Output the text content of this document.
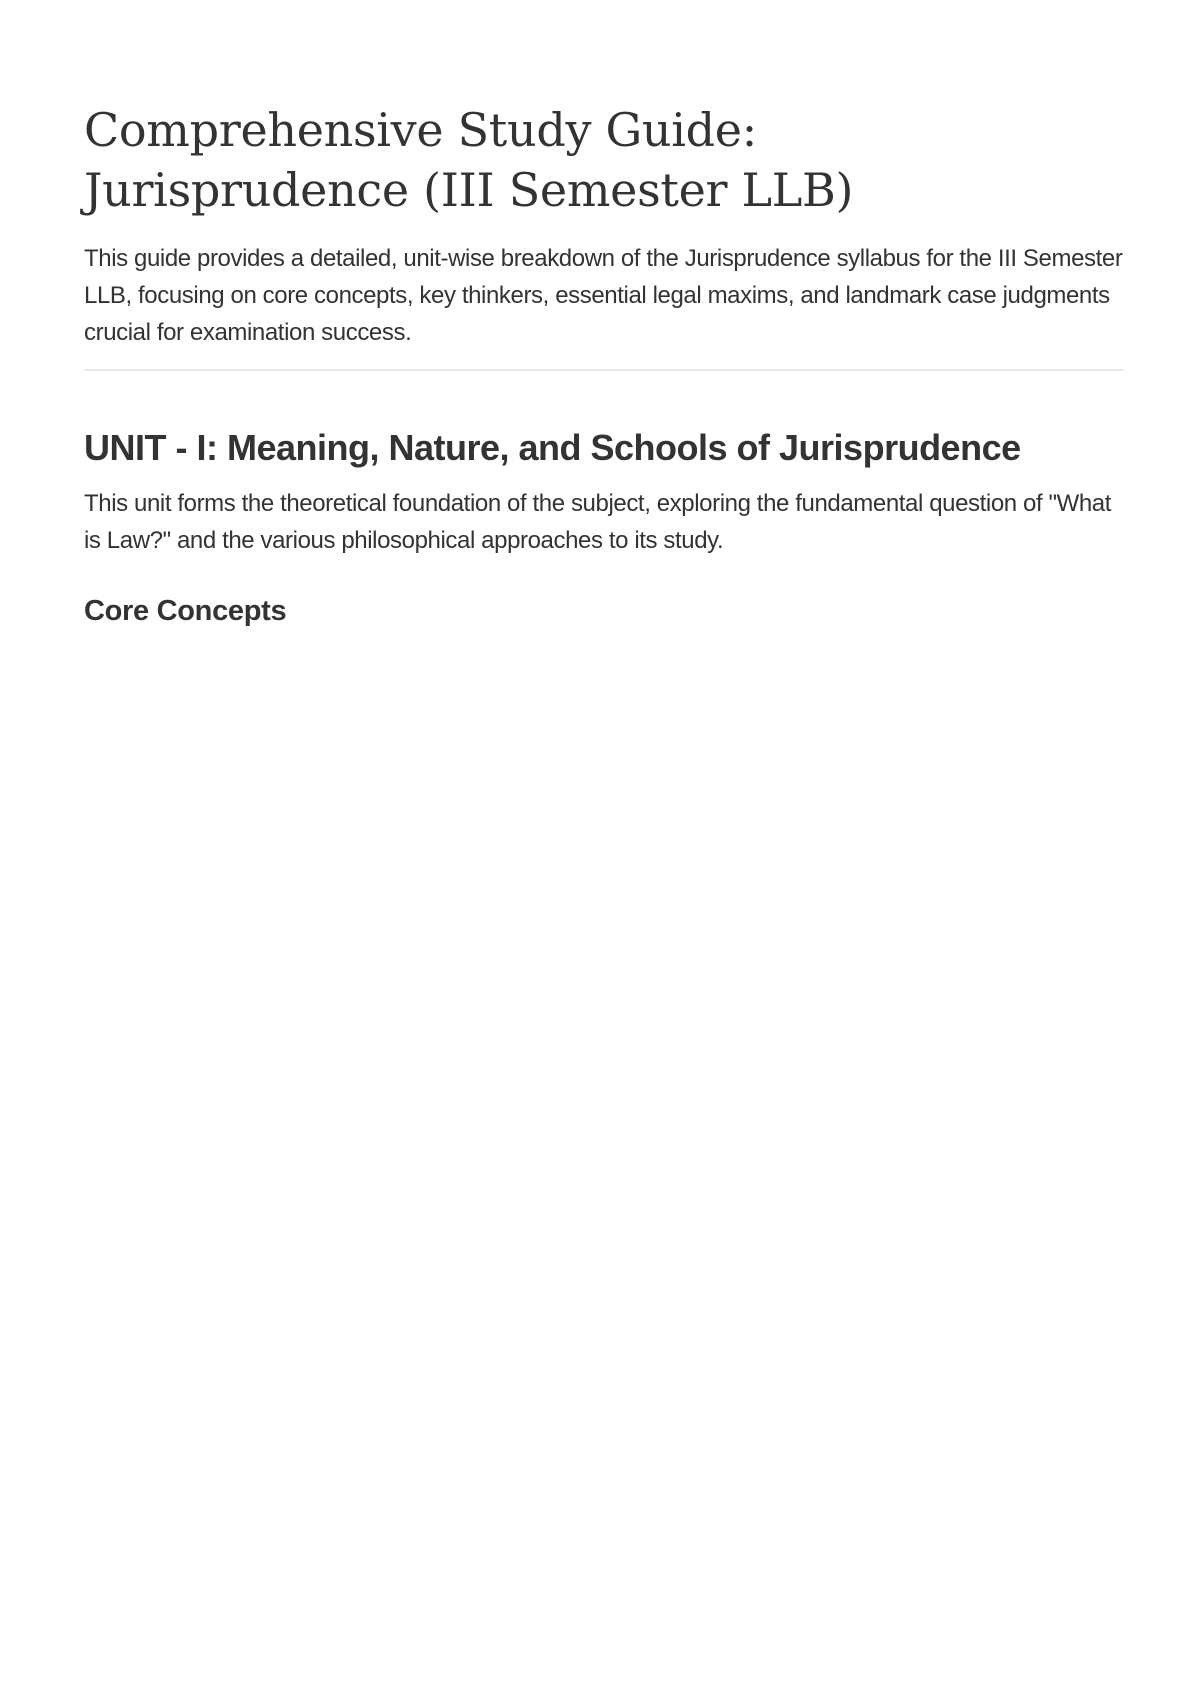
Comprehensive Study Guide:
Jurisprudence (III Semester LLB)

This guide provides a detailed, unit-wise breakdown of the Jurisprudence syllabus for the III Semester LLB, focusing on core concepts, key thinkers, essential legal maxims, and landmark case judgments crucial for examination success.

UNIT - I: Meaning, Nature, and Schools of Jurisprudence

This unit forms the theoretical foundation of the subject, exploring the fundamental question of "What is Law?" and the various philosophical approaches to its study.

Core Concepts
